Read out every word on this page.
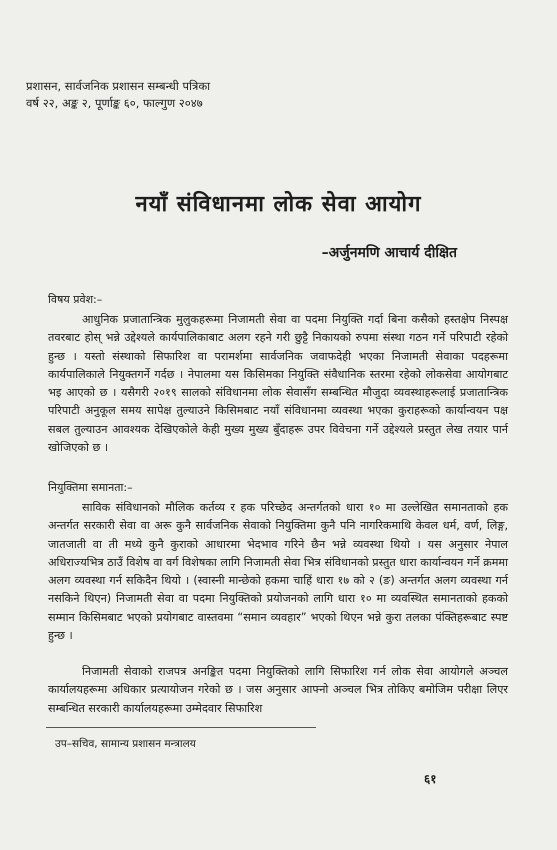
प्रशासन, सार्वजनिक प्रशासन सम्बन्धी पत्रिका
वर्ष २२, अङ्क २, पूर्णाङ्क ६०, फाल्गुण २०४७
नयाँ संविधानमा लोक सेवा आयोग
–अर्जुनमणि आचार्य दीक्षित
विषय प्रवेश:–
आधुनिक प्रजातान्त्रिक मुलुकहरूमा निजामती सेवा वा पदमा नियुक्ति गर्दा बिना कसैको हस्तक्षेप निस्पक्ष तवरबाट होस् भन्ने उद्देश्यले कार्यपालिकाबाट अलग रहने गरी छुट्टै निकायको रुपमा संस्था गठन गर्ने परिपाटी रहेको हुन्छ । यस्तो संस्थाको सिफारिश वा परामर्शमा सार्वजनिक जवाफदेही भएका निजामती सेवाका पदहरूमा कार्यपालिकाले नियुक्तगर्ने गर्दछ । नेपालमा यस किसिमका नियुक्ति संवैधानिक स्तरमा रहेको लोकसेवा आयोगबाट भइ आएको छ । यसैगरी २०१९ सालको संविधानमा लोक सेवासँग सम्बन्धित मौजुदा व्यवस्थाहरूलाई प्रजातान्त्रिक परिपाटी अनुकूल समय सापेक्ष तुल्याउने किसिमबाट नयाँ संविधानमा व्यवस्था भएका कुराहरूको कार्यान्वयन पक्ष सबल तुल्याउन आवश्यक देखिएकोले केही मुख्य मुख्य बुँदाहरू उपर विवेचना गर्ने उद्देश्यले प्रस्तुत लेख तयार पार्न खोजिएको छ ।
नियुक्तिमा समानता:–
साविक संविधानको मौलिक कर्तव्य र हक परिच्छेद अन्तर्गतको धारा १० मा उल्लेखित समानताको हक अन्तर्गत सरकारी सेवा वा अरू कुनै सार्वजनिक सेवाको नियुक्तिमा कुनै पनि नागरिकमाथि केवल धर्म, वर्ण, लिङ्ग, जातजाती वा ती मध्ये कुनै कुराको आधारमा भेदभाव गरिने छैन भन्ने व्यवस्था थियो । यस अनुसार नेपाल अधिराज्यभित्र ठाउँ विशेष वा वर्ग विशेषका लागि निजामती सेवा भित्र संविधानको प्रस्तुत धारा कार्यान्वयन गर्ने क्रममा अलग व्यवस्था गर्न सकिदैन थियो । (स्वास्नी मान्छेको हकमा चाहिं धारा १७ को २ (ङ) अन्तर्गत अलग व्यवस्था गर्न नसकिने थिएन) निजामती सेवा वा पदमा नियुक्तिको प्रयोजनको लागि धारा १० मा व्यवस्थित समानताको हकको सम्मान किसिमबाट भएको प्रयोगबाट वास्तवमा “समान व्यवहार” भएको थिएन भन्ने कुरा तलका पंक्तिहरूबाट स्पष्ट हुन्छ ।
निजामती सेवाको राजपत्र अनङ्कित पदमा नियुक्तिको लागि सिफारिश गर्न लोक सेवा आयोगले अञ्चल कार्यालयहरूमा अधिकार प्रत्यायोजन गरेको छ । जस अनुसार आफ्नो अञ्चल भित्र तोकिए बमोजिम परीक्षा लिएर सम्बन्धित सरकारी कार्यालयहरूमा उम्मेदवार सिफारिश
उप–सचिव, सामान्य प्रशासन मन्त्रालय
६१
